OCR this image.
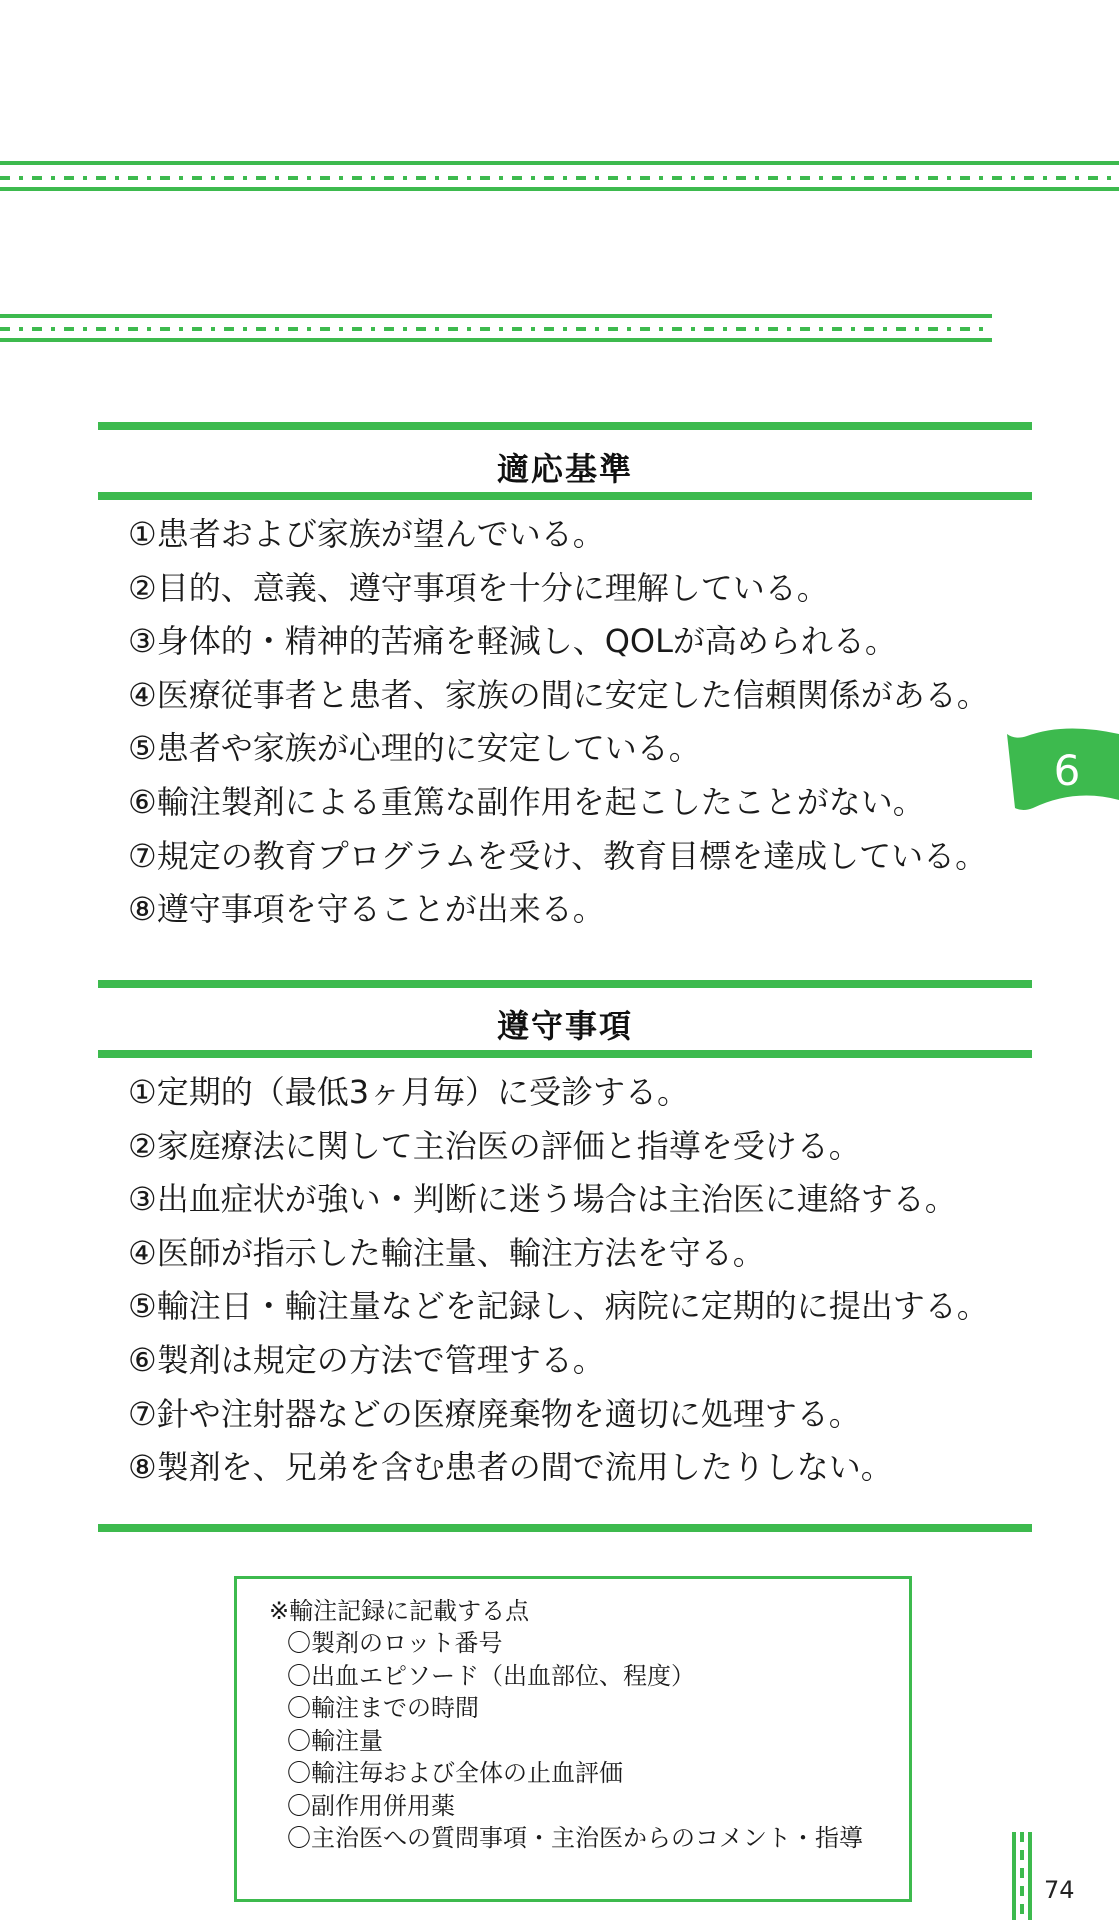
適応基準
①患者および家族が望んでいる。
②目的、意義、遵守事項を十分に理解している。
③身体的・精神的苦痛を軽減し、QOLが高められる。
④医療従事者と患者、家族の間に安定した信頼関係がある。
⑤患者や家族が心理的に安定している。
⑥輸注製剤による重篤な副作用を起こしたことがない。
⑦規定の教育プログラムを受け、教育目標を達成している。
⑧遵守事項を守ることが出来る。
6
遵守事項
①定期的（最低3ヶ月毎）に受診する。
②家庭療法に関して主治医の評価と指導を受ける。
③出血症状が強い・判断に迷う場合は主治医に連絡する。
④医師が指示した輸注量、輸注方法を守る。
⑤輸注日・輸注量などを記録し、病院に定期的に提出する。
⑥製剤は規定の方法で管理する。
⑦針や注射器などの医療廃棄物を適切に処理する。
⑧製剤を、兄弟を含む患者の間で流用したりしない。
※輸注記録に記載する点
〇製剤のロット番号
〇出血エピソード（出血部位、程度）
〇輸注までの時間
〇輸注量
〇輸注毎および全体の止血評価
〇副作用併用薬
〇主治医への質問事項・主治医からのコメント・指導
74
